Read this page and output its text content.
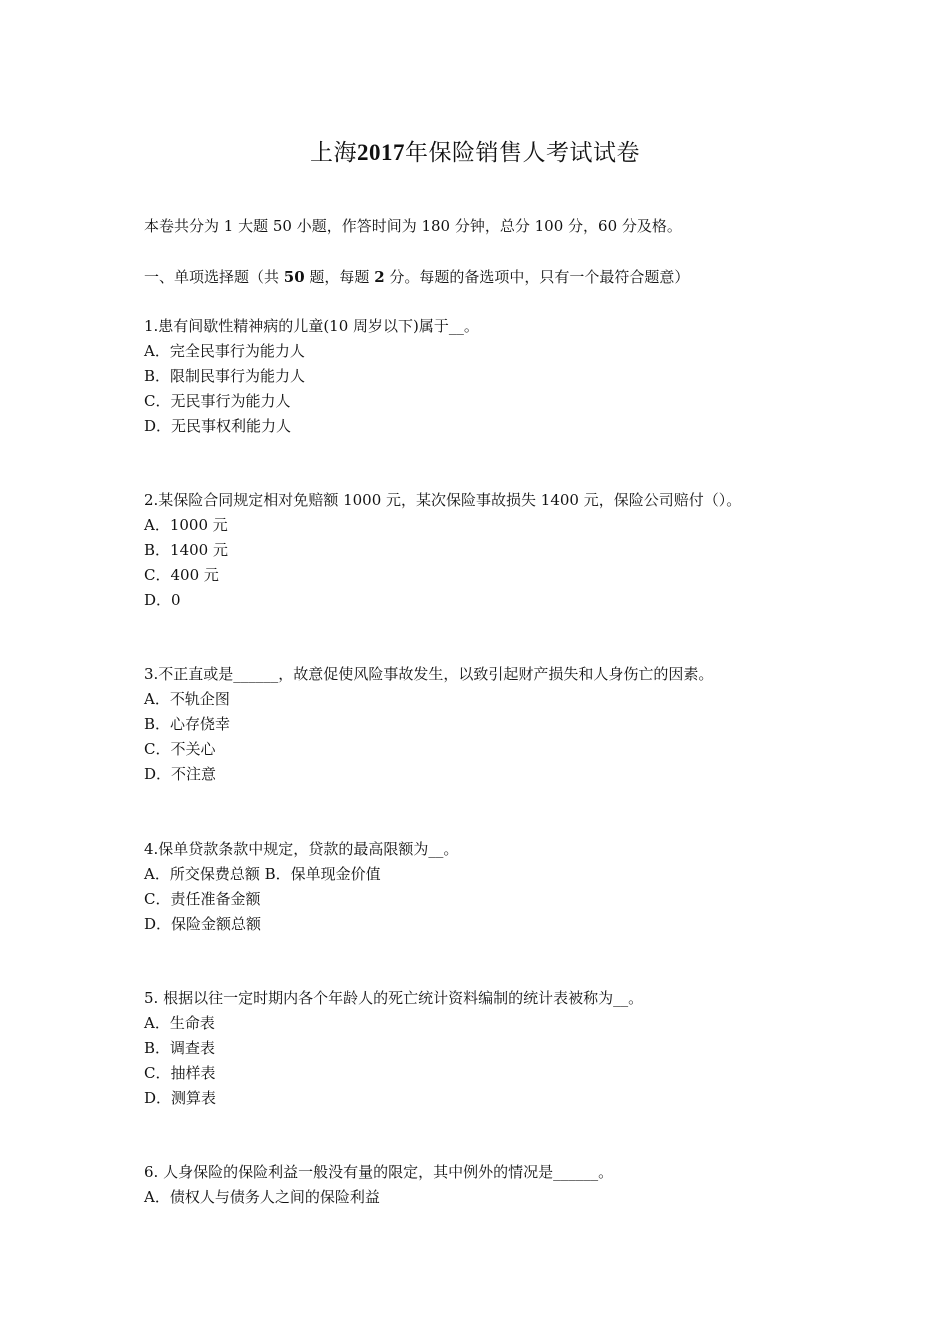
上海2017年保险销售人考试试卷
本卷共分为 1 大题 50 小题，作答时间为 180 分钟，总分 100 分，60 分及格。
一、单项选择题（共 50 题，每题 2 分。每题的备选项中，只有一个最符合题意）
1.患有间歇性精神病的儿童(10 周岁以下)属于__。
A．完全民事行为能力人
B．限制民事行为能力人
C．无民事行为能力人
D．无民事权利能力人
2.某保险合同规定相对免赔额 1000 元，某次保险事故损失 1400 元，保险公司赔付（）。
A．1000 元
B．1400 元
C．400 元
D．0
3.不正直或是______，故意促使风险事故发生，以致引起财产损失和人身伤亡的因素。
A．不轨企图
B．心存侥幸
C．不关心
D．不注意
4.保单贷款条款中规定，贷款的最高限额为__。
A．所交保费总额 B．保单现金价值
C．责任准备金额
D．保险金额总额
5. 根据以往一定时期内各个年龄人的死亡统计资料编制的统计表被称为__。
A．生命表
B．调查表
C．抽样表
D．测算表
6. 人身保险的保险利益一般没有量的限定，其中例外的情况是______。
A．债权人与债务人之间的保险利益
